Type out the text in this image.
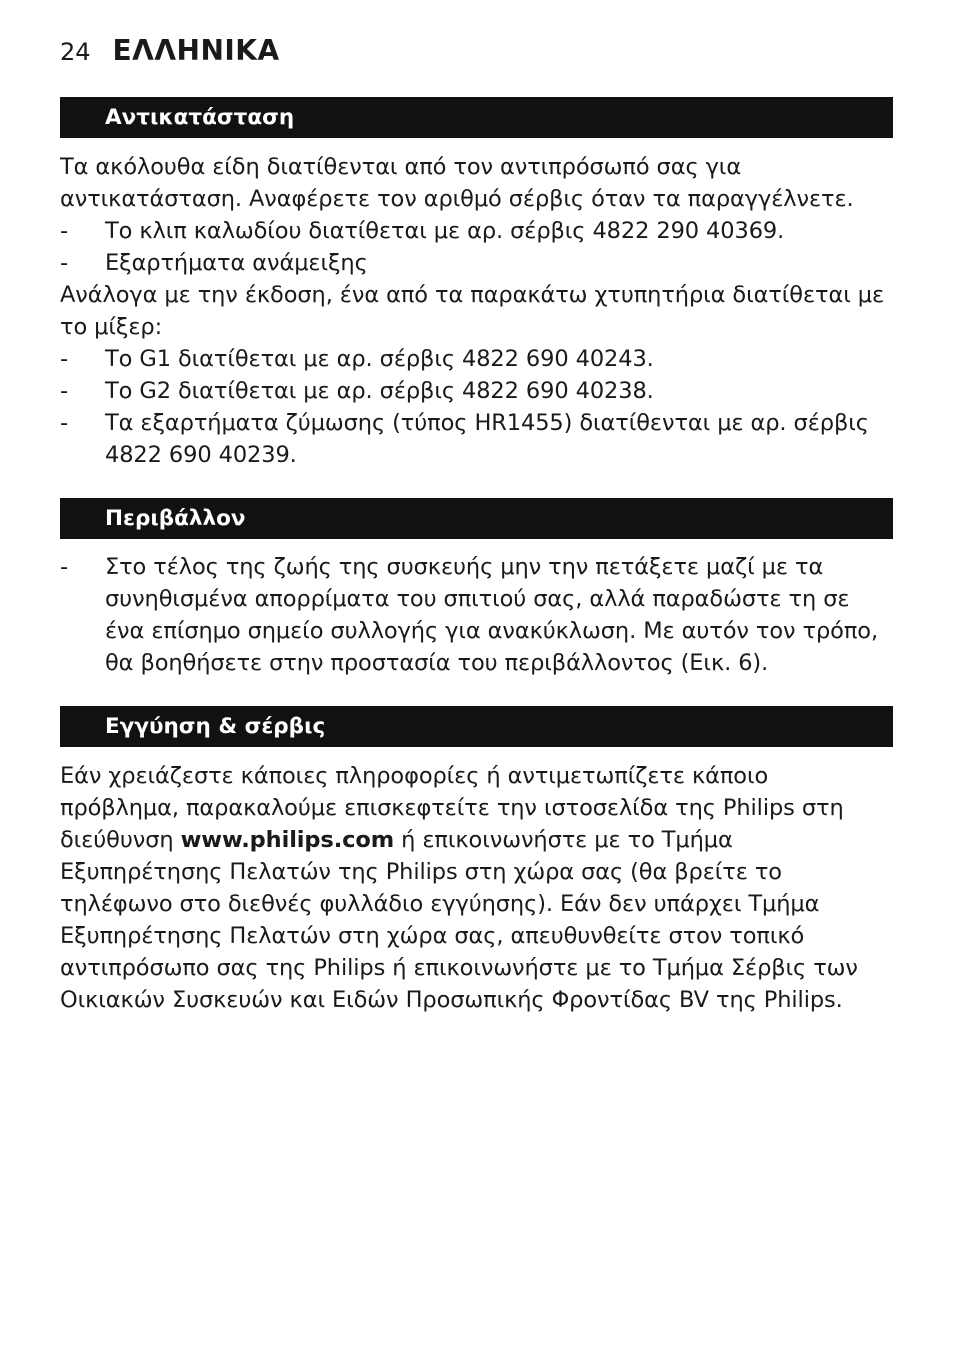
24 ΕΛΛΗΝΙΚΑ
Αντικατάσταση

Τα ακόλουθα είδη διατίθενται από τον αντιπρόσωπό σας για αντικατάσταση. Αναφέρετε τον αριθμό σέρβις όταν τα παραγγέλνετε.

- Το κλιπ καλωδίου διατίθεται με αρ. σέρβις 4822 290 40369.

- Εξαρτήματα ανάμειξης

Ανάλογα με την έκδοση, ένα από τα παρακάτω χτυπητήρια διατίθεται με το μίξερ:

- Το G1 διατίθεται με αρ. σέρβις 4822 690 40243.

- Το G2 διατίθεται με αρ. σέρβις 4822 690 40238.

- Τα εξαρτήματα ζύμωσης (τύπος HR1455) διατίθενται με αρ. σέρβις 4822 690 40239.

Περιβάλλον

- Στο τέλος της ζωής της συσκευής μην την πετάξετε μαζί με τα συνηθισμένα απορρίματα του σπιτιού σας, αλλά παραδώστε τη σε ένα επίσημο σημείο συλλογής για ανακύκλωση. Με αυτόν τον τρόπο, θα βοηθήσετε στην προστασία του περιβάλλοντος (Εικ. 6).

Εγγύηση & σέρβις

Εάν χρειάζεστε κάποιες πληροφορίες ή αντιμετωπίζετε κάποιο πρόβλημα, παρακαλούμε επισκεφτείτε την ιστοσελίδα της Philips στη διεύθυνση www.philips.com ή επικοινωνήστε με το Τμήμα Εξυπηρέτησης Πελατών της Philips στη χώρα σας (θα βρείτε το τηλέφωνο στο διεθνές φυλλάδιο εγγύησης). Εάν δεν υπάρχει Τμήμα Εξυπηρέτησης Πελατών στη χώρα σας, απευθυνθείτε στον τοπικό αντιπρόσωπο σας της Philips ή επικοινωνήστε με το Τμήμα Σέρβις των Οικιακών Συσκευών και Ειδών Προσωπικής Φροντίδας BV της Philips.
